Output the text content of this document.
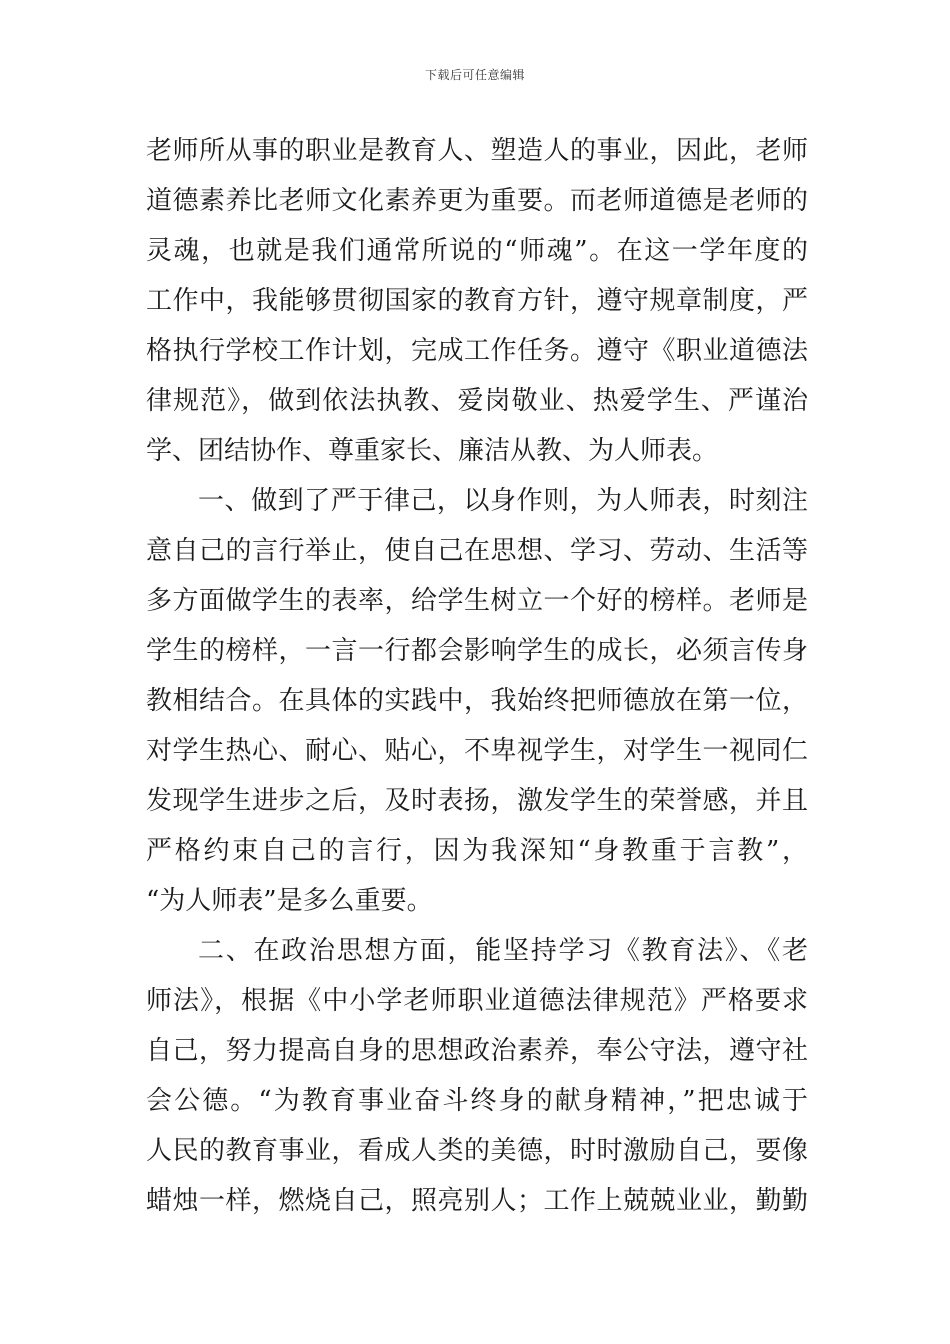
下载后可任意编辑
老师所从事的职业是教育人、塑造人的事业，因此，老师
道德素养比老师文化素养更为重要。而老师道德是老师的
灵魂，也就是我们通常所说的“师魂”。在这一学年度的
工作中，我能够贯彻国家的教育方针，遵守规章制度，严
格执行学校工作计划，完成工作任务。遵守《职业道德法
律规范》，做到依法执教、爱岗敬业、热爱学生、严谨治
学、团结协作、尊重家长、廉洁从教、为人师表。
一、做到了严于律己，以身作则，为人师表，时刻注
意自己的言行举止，使自己在思想、学习、劳动、生活等
多方面做学生的表率，给学生树立一个好的榜样。老师是
学生的榜样，一言一行都会影响学生的成长，必须言传身
教相结合。在具体的实践中，我始终把师德放在第一位，
对学生热心、耐心、贴心，不卑视学生，对学生一视同仁
发现学生进步之后，及时表扬，激发学生的荣誉感，并且
严格约束自己的言行，因为我深知“身教重于言教”，
“为人师表”是多么重要。
二、在政治思想方面，能坚持学习《教育法》、《老
师法》，根据《中小学老师职业道德法律规范》严格要求
自己，努力提高自身的思想政治素养，奉公守法，遵守社
会公德。“为教育事业奋斗终身的献身精神，”把忠诚于
人民的教育事业，看成人类的美德，时时激励自己，要像
蜡烛一样，燃烧自己，照亮别人；工作上兢兢业业，勤勤
